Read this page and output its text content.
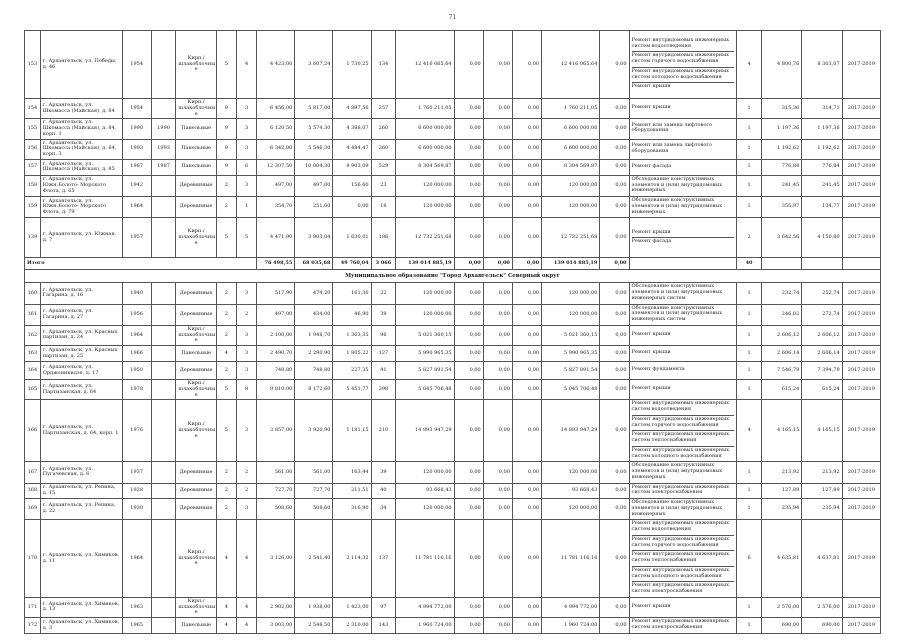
71
153	г. Архангельск, ул. Победы, д. 46	1954		Кирп./ шлакоблочны е	5	4	4 423,00	3 607,24	1 730,25	134	12 416 065,64	0,00	0,00	0,00	12 416 065,64	0,00	Ремонт внутридомовых инженерных систем водоотведения
Ремонт внутридомовых инженерных систем горячего водоснабжения
Ремонт внутридомовых инженерных систем холодного водоснабжения
Ремонт крыши	4	4 800,76	8 303,07	2017-2019
154	г. Архангельск, ул. Шкомасса (Майская), д. 84	1954		Кирп./ шлакоблочны е	9	3	6 456,00	5 817,00	4 897,56	257	1 760 211,05	0,00	0,00	0,00	1 760 211,05	0,00	Ремонт крыши	1	315,36	314,71	2017-2019
155	г. Архангельск, ул. Шкомасса (Майская), д. 84, корп. 1	1990	1990	Панельные	9	3	6 120,50	5 574,30	4 388,07	260	6 600 000,00	0,00	0,00	0,00	6 600 000,00	0,00	Ремонт или замена лифтового оборудования	1	1 197,36	1 197,36	2017-2019
156	г. Архангельск, ул. Шкомасса (Майская), д. 84, корп. 3	1993	1993	Панельные	9	3	6 342,00	5 546,30	4 484,47	260	6 600 000,00	0,00	0,00	0,00	6 600 000,00	0,00	Ремонт или замена лифтового оборудования	1	1 192,62	1 192,62	2017-2019
157	г. Архангельск, ул. Шкомасса (Майская), д. 85	1987	1987	Панельные	9	6	12 307,50	10 004,30	8 903,09	529	8 304 569,87	0,00	0,00	0,00	8 304 569,87	0,00	Ремонт фасада	1	776,84	776,84	2017-2019
158	г. Архангельск, ул. Южн.Болото- Морского Флота, д. 65	1942		Деревянные	2	3	497,00	497,00	156,60	23	120 000,00	0,00	0,00	0,00	120 000,00	0,00	Обследование конструктивных элементов и (или) внутридомовых инженерных	1	241,45	241,45	2017-2019
159	г. Архангельск, ул. Южн.Болото- Морского Флота, д. 79	1964		Деревянные	2	1	354,70	251,60	0,00	18	120 000,00	0,00	0,00	0,00	120 000,00	0,00	Обследование конструктивных элементов и (или) внутридомовых инженерных	1	355,97	134,77	2017-2019
139	г. Архангельск, ул. Южная, д. 7	1957		Кирп./ шлакоблочны е	5	5	4 471,90	3 903,04	1 630,01	186	12 732 251,68	0,00	0,00	0,00	12 732 251,68	0,00	Ремонт крыши
Ремонт фасада	2	3 642,56	4 150,80	2017-2019
Итого							76 498,55	68 035,68	49 760,04	3 066	139 014 885,19	0,00	0,00	0,00	139 014 885,19	0,00		40			
Муниципальное образование "Город Архангельск" Северный округ																					
160	г. Архангельск, ул. Гагарина, д. 16	1940		Деревянные	2	3	517,90	474,20	161,30	22	120 000,00	0,00	0,00	0,00	120 000,00	0,00	Обследование конструктивных элементов и (или) внутридомовых инженерных систем	1	232,74	252,74	2017-2019
161	г. Архангельск, ул. Гагарина, д. 27	1956		Деревянные	2	2	497,00	434,00	46,90	39	120 000,00	0,00	0,00	0,00	120 000,00	0,00	Обследование конструктивных элементов и (или) внутридомовых инженерных систем	1	246,02	272,74	2017-2019
162	г. Архангельск, ул. Красных партизан, д. 24	1964		Кирп./ шлакоблочны е	2	3	2 100,00	1 948,70	1 363,35	96	5 021 360,15	0,00	0,00	0,00	5 021 360,15	0,00	Ремонт крыши	1	2 606,12	2 606,12	2017-2019
163	г. Архангельск, ул. Красных партизан, д. 25	1966		Панельные	4	3	2 490,70	2 290,90	1 805,22	127	5 990 965,35	0,00	0,00	0,00	5 990 965,35	0,00	Ремонт крыши	1	2 606,14	2 606,14	2017-2019
164	г. Архангельск, ул. Орджоникидзе, д. 17	1950		Деревянные	2	3	748,80	748,80	227,35	41	5 827 891,54	0,00	0,00	0,00	5 827 891,54	0,00	Ремонт фундамента	1	7 546,79	7 394,79	2017-2019
165	г. Архангельск, ул. Партизанская, д. 64	1978		Кирп./ шлакоблочны е	5	8	9 810,00	8 172,60	5 451,77	298	5 045 706,48	0,00	0,00	0,00	5 045 706,48	0,00	Ремонт крыши	1	615,24	615,24	2017-2019
166	г. Архангельск, ул. Партизанская, д. 64, корп. 1	1976		Кирп./ шлакоблочны е	5	3	3 857,00	3 920,90	1 181,15	210	14 893 947,29	0,00	0,00	0,00	14 893 947,29	0,00	Ремонт внутридомовых инженерных систем водоотведения
Ремонт внутридомовых инженерных систем горячего водоснабжения
Ремонт внутридомовых инженерных систем теплоснабжения
Ремонт внутридомовых инженерных систем холодного водоснабжения	4	4 165,15	4 165,15	2017-2019
167	г. Архангельск, ул. Пугачевская, д. 6	1937		Деревянные	2	2	561,00	561,00	163,44	39	120 000,00	0,00	0,00	0,00	120 000,00	0,00	Обследование конструктивных элементов и (или) внутридомовых инженерных	1	213,92	213,92	2017-2019
168	г. Архангельск, ул. Репина, д. 15	1928		Деревянные	2	2	727,70	727,70	211,51	40	93 668,43	0,00	0,00	0,00	93 668,43	0,00	Ремонт внутридомовых инженерных систем электроснабжения	1	127,89	127,89	2017-2019
169	г. Архангельск, ул. Репина, д. 22	1930		Деревянные	2	3	508,60	508,60	316,90	34	120 000,00	0,00	0,00	0,00	120 000,00	0,00	Обследование конструктивных элементов и (или) внутридомовых инженерных	1	235,94	235,94	2017-2019
170	г. Архангельск, ул. Химиков, д. 11	1964		Кирп./ шлакоблочны е	4	4	3 126,00	2 541,40	2 114,32	137	11 781 116,16	0,00	0,00	0,00	11 781 116,16	0,00	Ремонт внутридомовых инженерных систем водоотведения
Ремонт внутридомовых инженерных систем горячего водоснабжения
Ремонт внутридомовых инженерных систем теплоснабжения
Ремонт внутридомовых инженерных систем холодного водоснабжения
Ремонт внутридомовых инженерных систем электроснабжения	6	4 635,81	4 637,81	2017-2019
171	г. Архангельск, ул. Химиков, д. 13	1963		Кирп./ шлакоблочны е	4	4	2 902,00	1 938,00	1 423,00	97	4 994 772,00	0,00	0,00	0,00	4 994 772,00	0,00	Ремонт крыши	1	2 576,00	2 576,00	2017-2019
172	г. Архангельск, ул. Химиков, д. 3	1965		Панельные	4	4	3 003,00	2 548,50	2 310,00	143	1 960 724,00	0,00	0,00	0,00	1 960 724,00	0,00	Ремонт внутридомовых инженерных систем электроснабжения	1	690,00	690,00	2017-2019
